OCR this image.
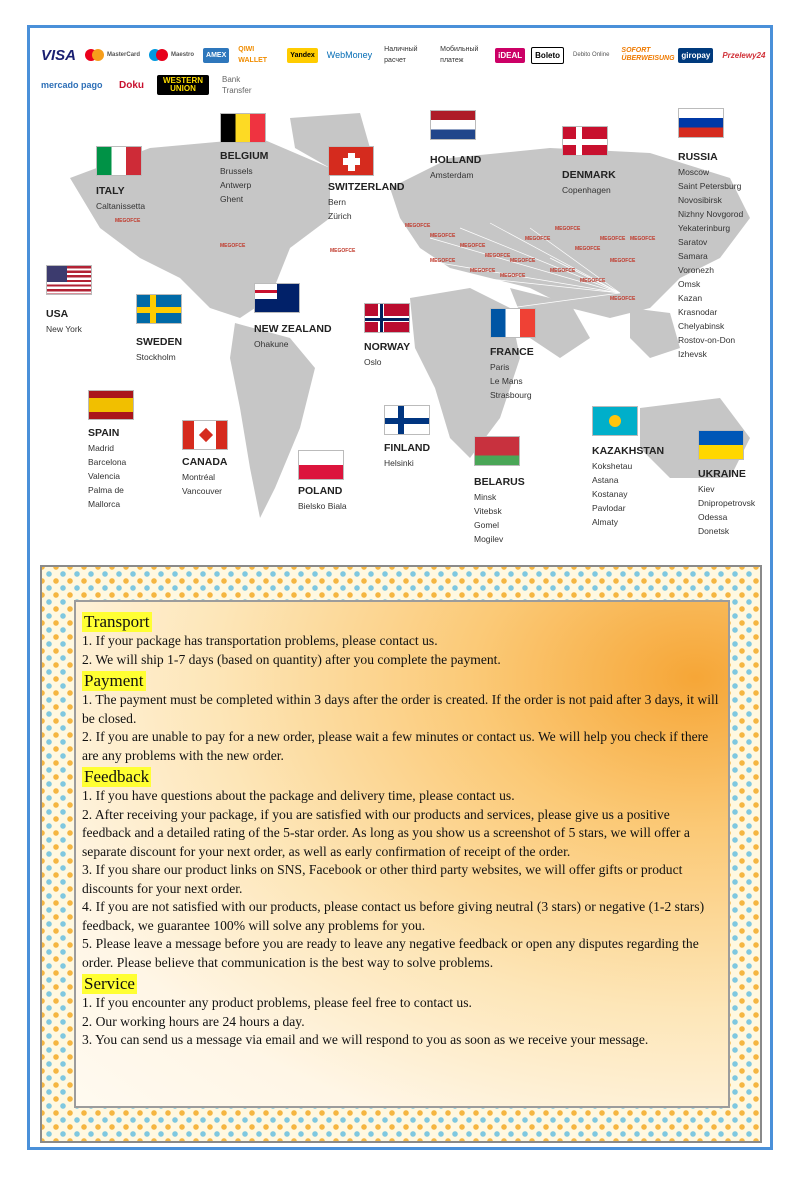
VISA	MasterCard	Maestro	AMEX
QIWI WALLET
Yandex	WebMoney	Наличный расчет
Мобильный платеж
iDEAL	Boleto	Debito Online
SOFORT ÜBERWEISUNG giropay	Przelewy24
mercado pago	Doku	WESTERN UNION
Bank Transfer
BELGIUM
Brussels
Antwerp
Ghent
HOLLAND
Amsterdam
RUSSIA
Moscow
Saint Petersburg
Novosibirsk
Nizhny Novgorod
Yekaterinburg
Saratov
Samara
Voronezh
Omsk
Kazan
Krasnodar
Chelyabinsk
Rostov-on-Don
Izhevsk
ITALY
Caltanissetta
SWITZERLAND
Bern
Zürich
DENMARK
Copenhagen
USA
New York
SWEDEN
Stockholm
NEW ZEALAND
Ohakune	NORWAY
Oslo
FRANCE
Paris
Le Mans
Strasbourg
SPAIN
Madrid
Barcelona
Valencia
Palma de
Mallorca
CANADA
Montréal
Vancouver	POLAND
Bielsko Biala
FINLAND
Helsinki
BELARUS
Minsk
Vitebsk
Gomel
Mogilev
KAZAKHSTAN
Kokshetau
Astana
Kostanay
Pavlodar
Almaty
UKRAINE
Kiev
Dnipropetrovsk
Odessa
Donetsk
MEGOFCE
MEGOFCE
MEGOFCE
MEGOFCE
MEGOFCE
MEGOFCE
MEGOFCE
MEGOFCE
MEGOFCE
MEGOFCE
MEGOFCE
MEGOFCE
MEGOFCE
MEGOFCE
MEGOFCE
MEGOFCE
MEGOFCE
MEGOFCE
MEGOFCE
MEGOFCE
Transport
1. If your package has transportation problems, please contact us.
2. We will ship 1-7 days (based on quantity) after you complete the payment.
Payment
1. The payment must be completed within 3 days after the order is created. If the order is not paid after 3 days, it will be closed.
2. If you are unable to pay for a new order, please wait a few minutes or contact us. We will help you check if there are any problems with the new order.
Feedback
1. If you have questions about the package and delivery time, please contact us.
2. After receiving your package, if you are satisfied with our products and services, please give us a positive feedback and a detailed rating of the 5-star order. As long as you show us a screenshot of 5 stars, we will offer a separate discount for your next order, as well as early confirmation of receipt of the order.
3. If you share our product links on SNS, Facebook or other third party websites, we will offer gifts or product discounts for your next order.
4. If you are not satisfied with our products, please contact us before giving neutral (3 stars) or negative (1-2 stars) feedback, we guarantee 100% will solve any problems for you.
5. Please leave a message before you are ready to leave any negative feedback or open any disputes regarding the order. Please believe that communication is the best way to solve problems.
Service
1. If you encounter any product problems, please feel free to contact us.
2. Our working hours are 24 hours a day.
3. You can send us a message via email and we will respond to you as soon as we receive your message.
